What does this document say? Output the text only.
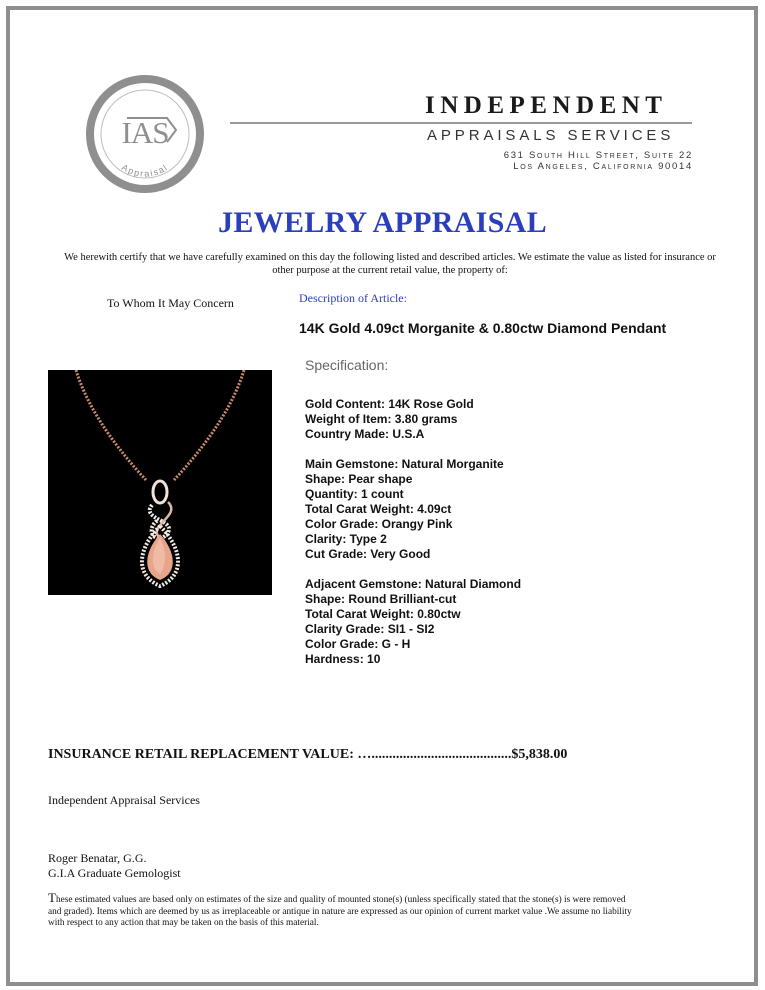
IAS
Appraisal
INDEPENDENT
APPRAISALS SERVICES
631 South Hill Street, Suite 22
Los Angeles, California 90014
JEWELRY APPRAISAL
We herewith certify that we have carefully examined on this day the following listed and described articles. We estimate the value as listed for insurance or other purpose at the current retail value, the property of:
To Whom It May Concern	Description of Article:
14K Gold 4.09ct Morganite & 0.80ctw Diamond Pendant
Specification:
Gold Content: 14K Rose Gold
Weight of Item: 3.80 grams
Country Made: U.S.A
Main Gemstone: Natural Morganite
Shape: Pear shape
Quantity: 1 count
Total Carat Weight: 4.09ct
Color Grade: Orangy Pink
Clarity: Type 2
Cut Grade: Very Good
Adjacent Gemstone: Natural Diamond
Shape: Round Brilliant-cut
Total Carat Weight: 0.80ctw
Clarity Grade: SI1 - SI2
Color Grade: G - H
Hardness: 10
INSURANCE RETAIL REPLACEMENT VALUE: …........................................$5,838.00
Independent Appraisal Services
Roger Benatar, G.G.
G.I.A Graduate Gemologist
These estimated values are based only on estimates of the size and quality of mounted stone(s) (unless specifically stated that the stone(s) is were removed and graded). Items which are deemed by us as irreplaceable or antique in nature are expressed as our opinion of current market value .We assume no liability with respect to any action that may be taken on the basis of this material.
